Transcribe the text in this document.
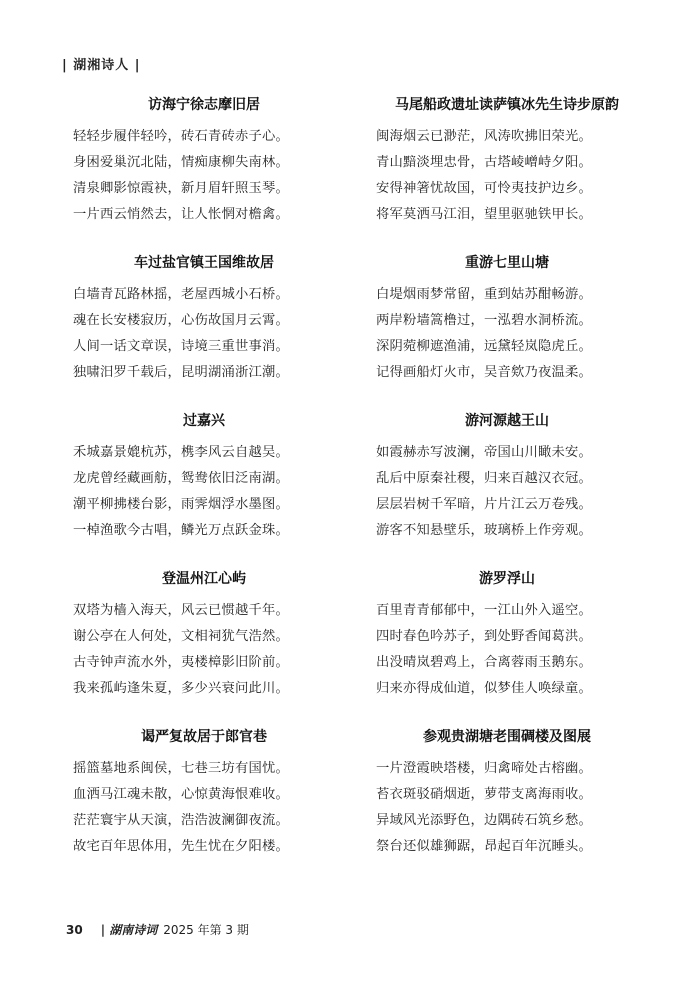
| 湖湘诗人 |
访海宁徐志摩旧居
轻轻步履伴轻吟，砖石青砖赤子心。
身困爱巢沉北陆，情痴康柳失南林。
清泉卿影惊霞袂，新月眉轩照玉琴。
一片西云悄然去，让人怅惘对檐禽。
车过盐官镇王国维故居
白墙青瓦路林摇，老屋西城小石桥。
魂在长安楼寂历，心伤故国月云霄。
人间一话文章误，诗境三重世事消。
独啸汨罗千载后，昆明湖涌浙江潮。
过嘉兴
禾城嘉景媲杭苏，槜李风云自越吴。
龙虎曾经藏画舫，鸳鸯依旧泛南湖。
潮平柳拂楼台影，雨霁烟浮水墨图。
一棹渔歌今古唱，鳞光万点跃金珠。
登温州江心屿
双塔为樯入海天，风云已惯越千年。
谢公亭在人何处，文相祠犹气浩然。
古寺钟声流水外，夷楼樟影旧阶前。
我来孤屿逢朱夏，多少兴衰问此川。
谒严复故居于郎官巷
摇篮墓地系闽侯，七巷三坊有国忧。
血洒马江魂未散，心惊黄海恨难收。
茫茫寰宇从天演，浩浩波澜御夜流。
故宅百年思体用，先生忧在夕阳楼。
马尾船政遗址读萨镇冰先生诗步原韵
闽海烟云已渺茫，风涛吹拂旧荣光。
青山黯淡埋忠骨，古塔崚嶒峙夕阳。
安得神箸忧故国，可怜夷技护边乡。
将军莫洒马江泪，望里驱驰铁甲长。
重游七里山塘
白堤烟雨梦常留，重到姑苏酣畅游。
两岸粉墙篙橹过，一泓碧水洞桥流。
深阴菀柳遮渔浦，远黛轻岚隐虎丘。
记得画船灯火市，吴音欸乃夜温柔。
游河源越王山
如霞赫赤写波澜，帝国山川瞰未安。
乱后中原秦社稷，归来百越汉衣冠。
层层岩树千军暗，片片江云万卷残。
游客不知悬壁乐，玻璃桥上作旁观。
游罗浮山
百里青青郁郁中，一江山外入遥空。
四时春色吟苏子，到处野香闻葛洪。
出没晴岚碧鸡上，合离蓉雨玉鹅东。
归来亦得成仙道，似梦佳人唤绿童。
参观贵湖塘老围碉楼及图展
一片澄霞映塔楼，归禽啼处古榕幽。
苔衣斑驳硝烟逝，萝带支离海雨收。
异域风光添野色，边隅砖石筑乡愁。
祭台还似雄狮踞，昂起百年沉睡头。
30 | 湖南诗词 2025 年第 3 期
